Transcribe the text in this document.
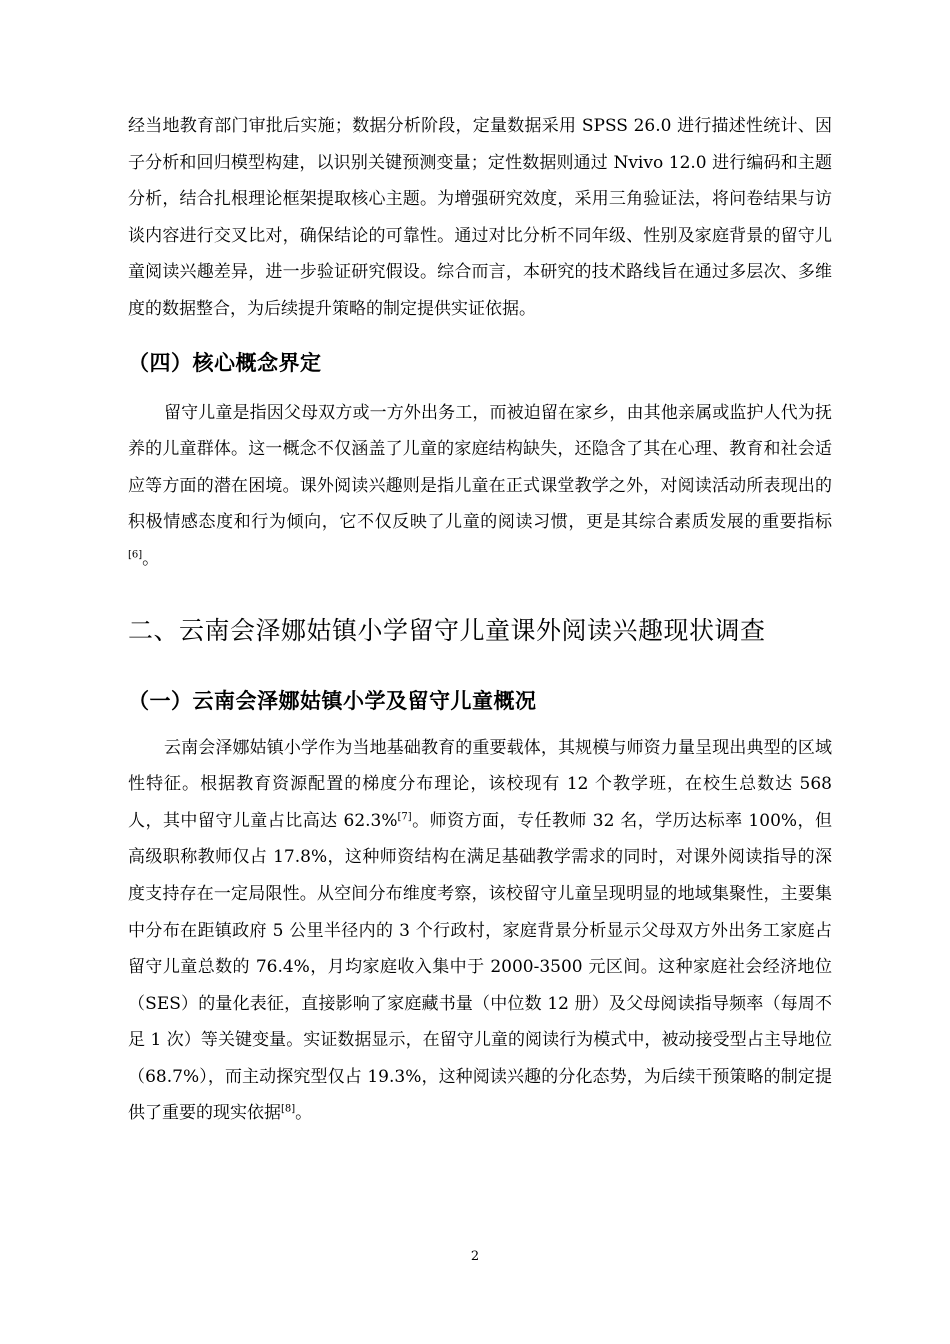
经当地教育部门审批后实施；数据分析阶段，定量数据采用 SPSS 26.0 进行描述性统计、因子分析和回归模型构建，以识别关键预测变量；定性数据则通过 Nvivo 12.0 进行编码和主题分析，结合扎根理论框架提取核心主题。为增强研究效度，采用三角验证法，将问卷结果与访谈内容进行交叉比对，确保结论的可靠性。通过对比分析不同年级、性别及家庭背景的留守儿童阅读兴趣差异，进一步验证研究假设。综合而言，本研究的技术路线旨在通过多层次、多维度的数据整合，为后续提升策略的制定提供实证依据。

（四）核心概念界定

留守儿童是指因父母双方或一方外出务工，而被迫留在家乡，由其他亲属或监护人代为抚养的儿童群体。这一概念不仅涵盖了儿童的家庭结构缺失，还隐含了其在心理、教育和社会适应等方面的潜在困境。课外阅读兴趣则是指儿童在正式课堂教学之外，对阅读活动所表现出的积极情感态度和行为倾向，它不仅反映了儿童的阅读习惯，更是其综合素质发展的重要指标[6]。

二、云南会泽娜姑镇小学留守儿童课外阅读兴趣现状调查
（一）云南会泽娜姑镇小学及留守儿童概况

云南会泽娜姑镇小学作为当地基础教育的重要载体，其规模与师资力量呈现出典型的区域性特征。根据教育资源配置的梯度分布理论，该校现有 12 个教学班，在校生总数达 568 人，其中留守儿童占比高达 62.3%[7]。师资方面，专任教师 32 名，学历达标率 100%，但高级职称教师仅占 17.8%，这种师资结构在满足基础教学需求的同时，对课外阅读指导的深度支持存在一定局限性。从空间分布维度考察，该校留守儿童呈现明显的地域集聚性，主要集中分布在距镇政府 5 公里半径内的 3 个行政村，家庭背景分析显示父母双方外出务工家庭占留守儿童总数的 76.4%，月均家庭收入集中于 2000-3500 元区间。这种家庭社会经济地位（SES）的量化表征，直接影响了家庭藏书量（中位数 12 册）及父母阅读指导频率（每周不足 1 次）等关键变量。实证数据显示，在留守儿童的阅读行为模式中，被动接受型占主导地位（68.7%），而主动探究型仅占 19.3%，这种阅读兴趣的分化态势，为后续干预策略的制定提供了重要的现实依据[8]。

2
